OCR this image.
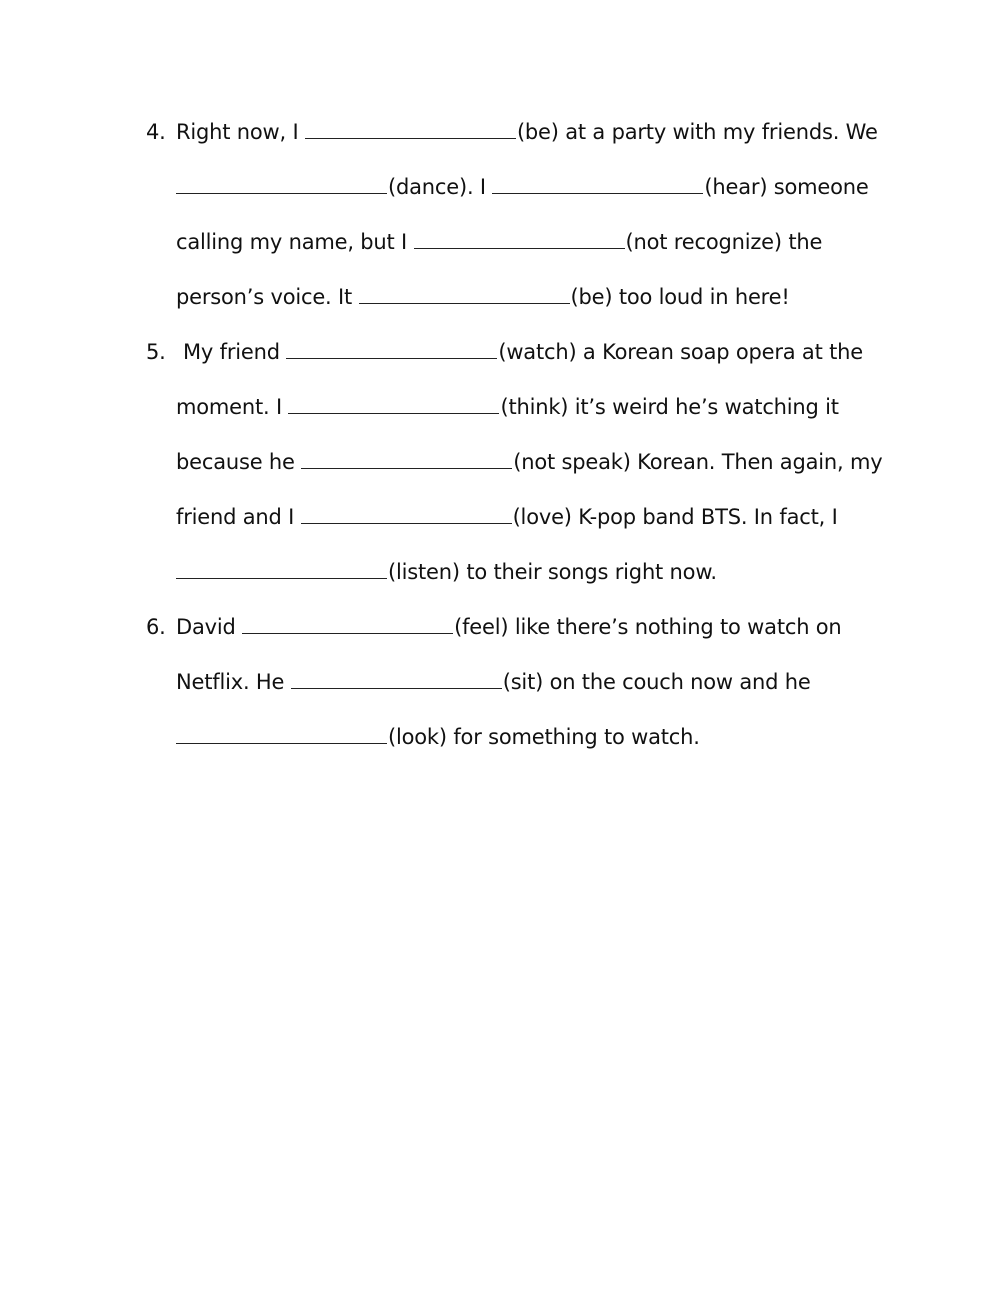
4. Right now, I	(be) at a party with my friends. We
(dance). I	(hear) someone
calling my name, but I	(not recognize) the
person’s voice. It	(be) too loud in here!
5. My friend	(watch) a Korean soap opera at the
moment. I	(think) it’s weird he’s watching it
because he	(not speak) Korean. Then again, my
friend and I	(love) K-pop band BTS. In fact, I
(listen) to their songs right now.
6. David	(feel) like there’s nothing to watch on
Netflix. He	(sit) on the couch now and he
(look) for something to watch.
